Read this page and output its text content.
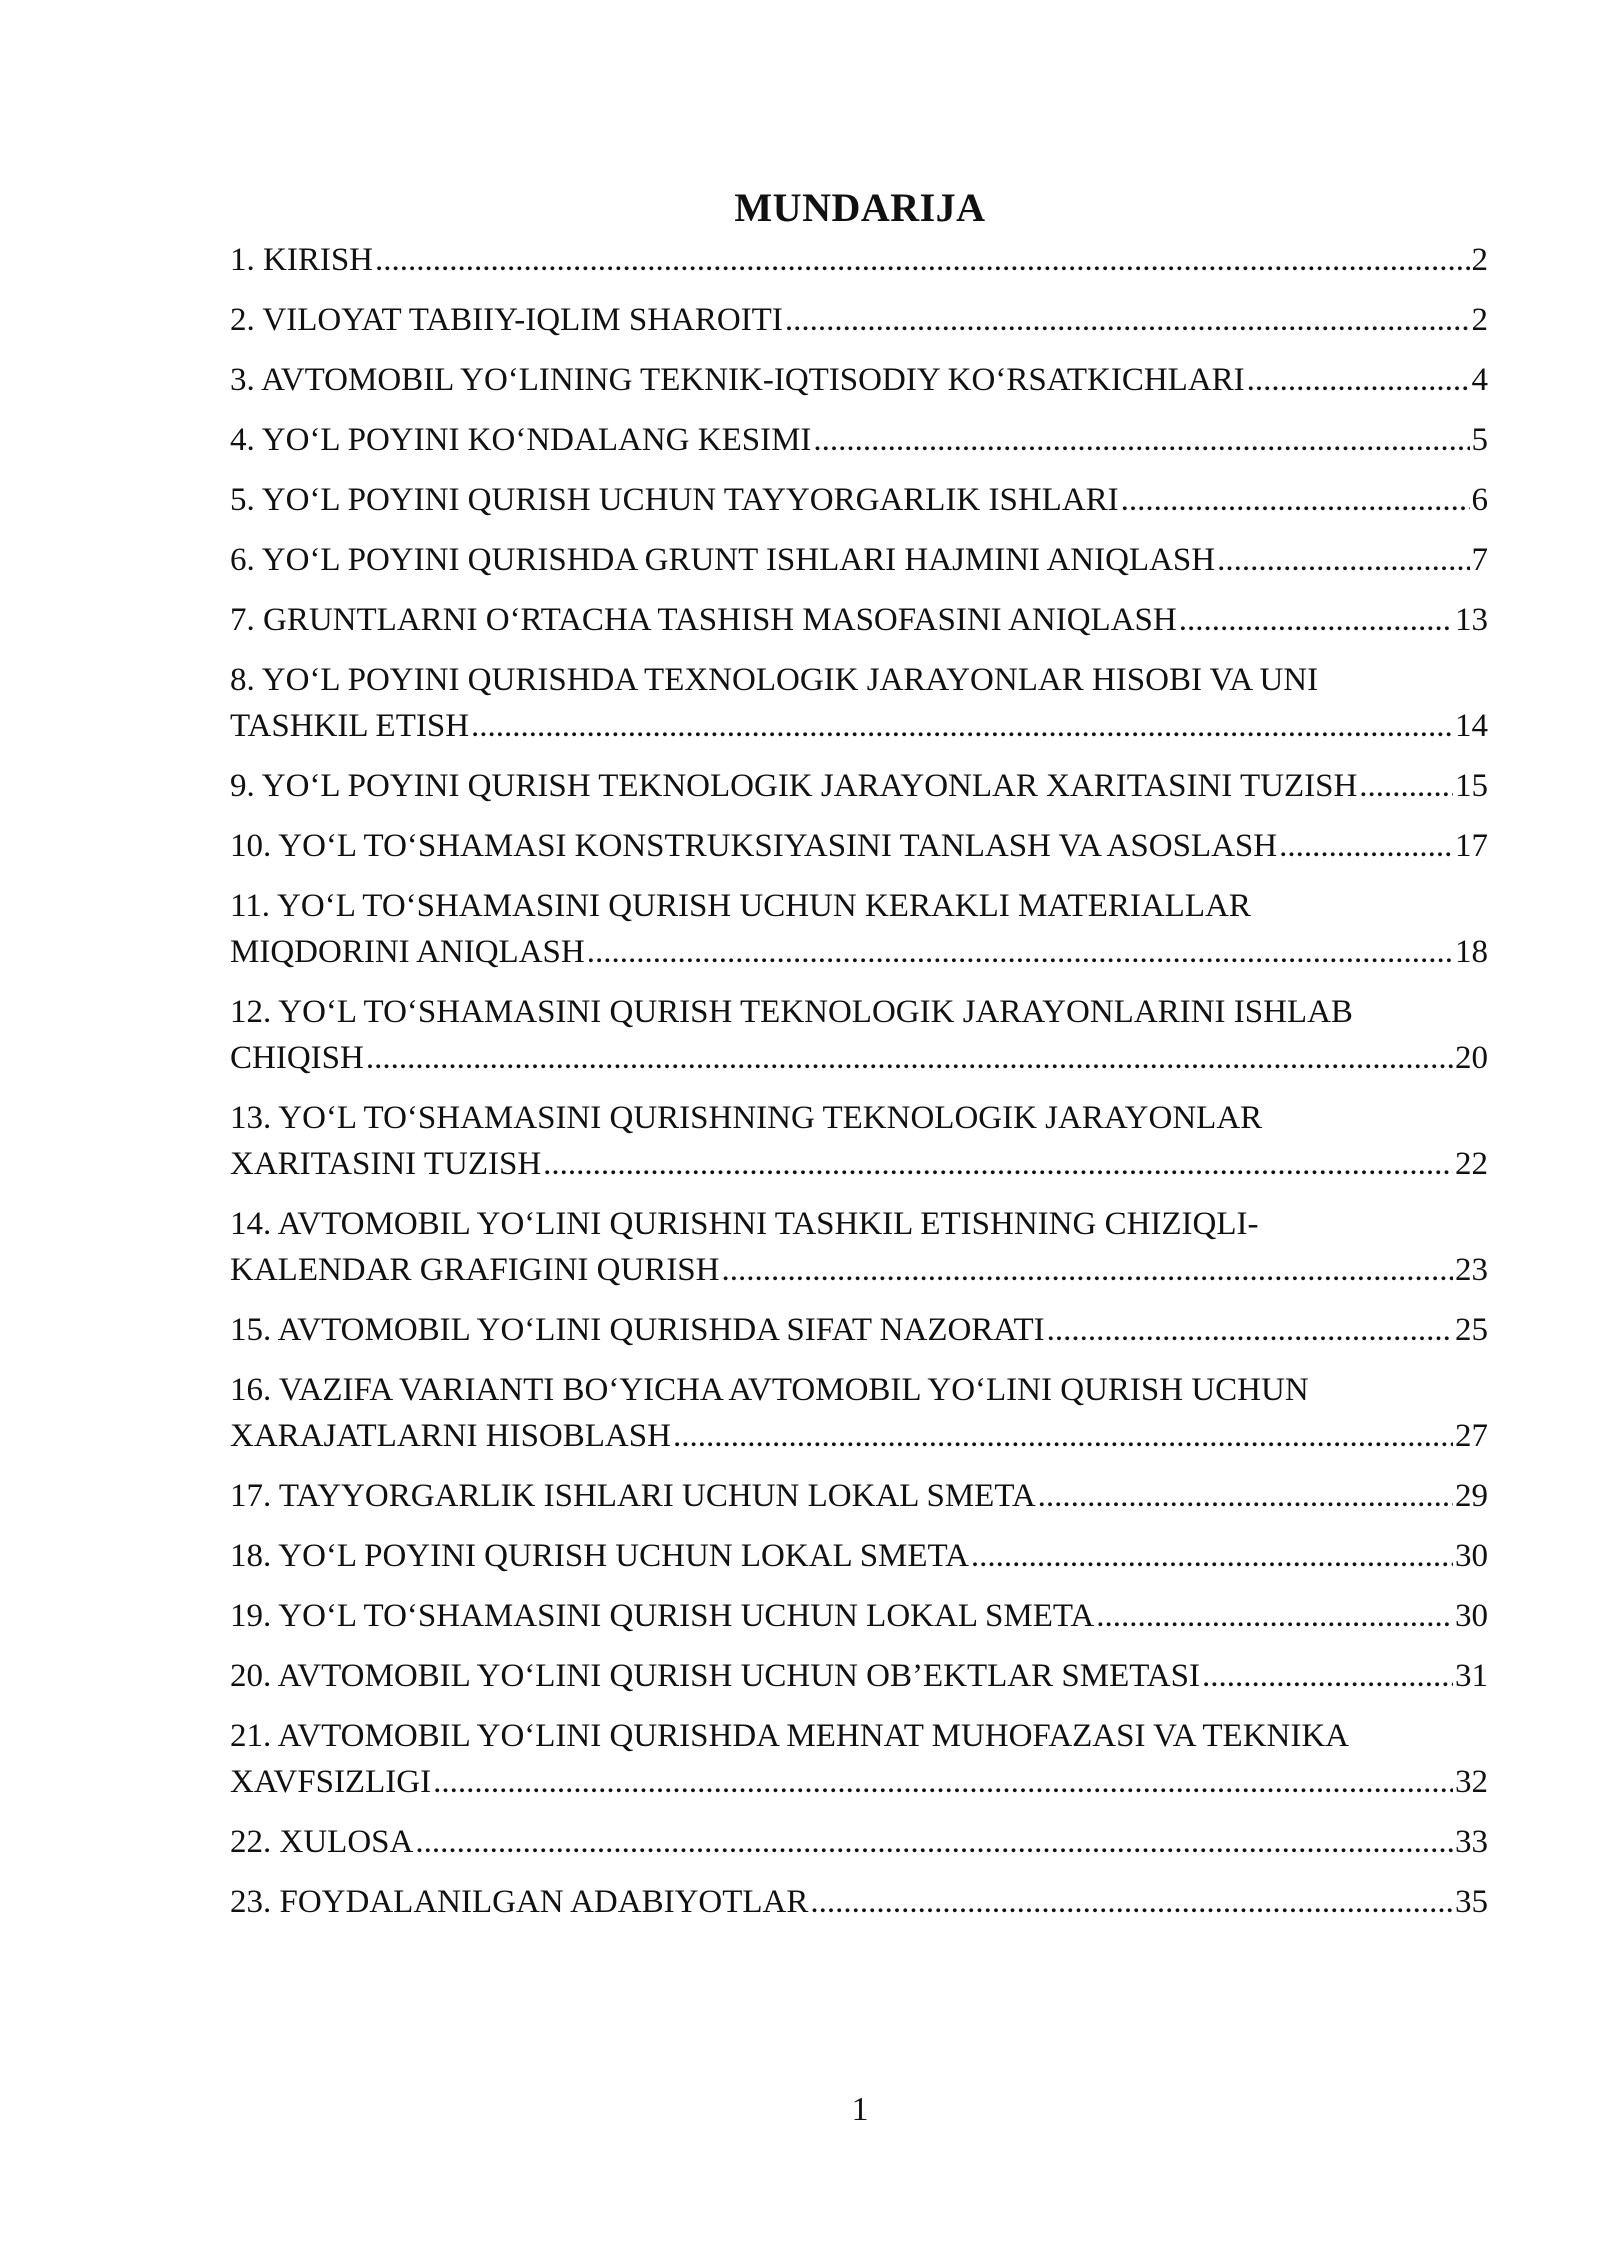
MUNDARIJA
1. KIRISH .....	2
2. VILOYAT TABIIY-IQLIM SHAROITI .....	2
3. AVTOMOBIL YO‘LINING TEKNIK-IQTISODIY KO‘RSATKICHLARI .....	4
4. YO‘L POYINI KO‘NDALANG KESIMI .....	5
5. YO‘L POYINI QURISH UCHUN TAYYORGARLIK ISHLARI .....	6
6. YO‘L POYINI QURISHDA GRUNT ISHLARI HAJMINI ANIQLASH .....	7
7. GRUNTLARNI O‘RTACHA TASHISH MASOFASINI ANIQLASH .....	13
8. YO‘L POYINI QURISHDA TEXNOLOGIK JARAYONLAR HISOBI VA UNI
TASHKIL ETISH .....	14
9. YO‘L POYINI QURISH TEKNOLOGIK JARAYONLAR XARITASINI TUZISH .....	15
10. YO‘L TO‘SHAMASI KONSTRUKSIYASINI TANLASH VA ASOSLASH .....	17
11. YO‘L TO‘SHAMASINI QURISH UCHUN KERAKLI MATERIALLAR
MIQDORINI ANIQLASH .....	18
12. YO‘L TO‘SHAMASINI QURISH TEKNOLOGIK JARAYONLARINI ISHLAB
CHIQISH .....	20
13. YO‘L TO‘SHAMASINI QURISHNING TEKNOLOGIK JARAYONLAR
XARITASINI TUZISH .....	22
14. AVTOMOBIL YO‘LINI QURISHNI TASHKIL ETISHNING CHIZIQLI-
KALENDAR GRAFIGINI QURISH .....	23
15. AVTOMOBIL YO‘LINI QURISHDA SIFAT NAZORATI .....	25
16. VAZIFA VARIANTI BO‘YICHA AVTOMOBIL YO‘LINI QURISH UCHUN
XARAJATLARNI HISOBLASH .....	27
17. TAYYORGARLIK ISHLARI UCHUN LOKAL SMETA .....	29
18. YO‘L POYINI QURISH UCHUN LOKAL SMETA .....	30
19. YO‘L TO‘SHAMASINI QURISH UCHUN LOKAL SMETA .....	30
20. AVTOMOBIL YO‘LINI QURISH UCHUN OB’EKTLAR SMETASI .....	31
21. AVTOMOBIL YO‘LINI QURISHDA MEHNAT MUHOFAZASI VA TEKNIKA
XAVFSIZLIGI .....	32
22. XULOSA .....	33
23. FOYDALANILGAN ADABIYOTLAR .....	35
1
